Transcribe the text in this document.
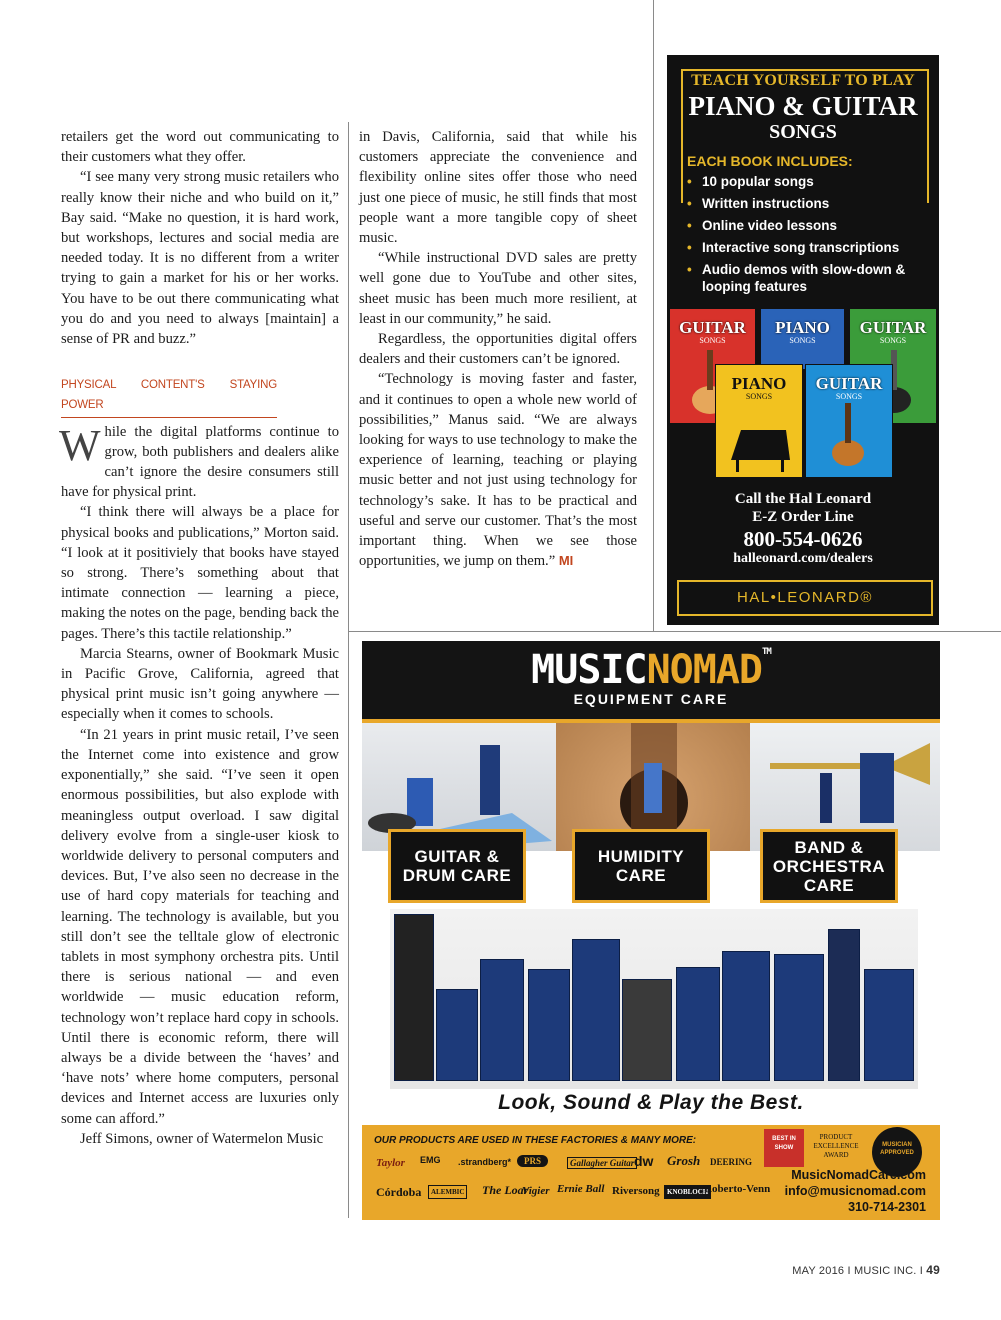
retailers get the word out communicating to their customers what they offer.

“I see many very strong music retailers who really know their niche and who build on it,” Bay said. “Make no question, it is hard work, but workshops, lectures and social media are needed today. It is no different from a writer trying to gain a market for his or her works. You have to be out there communicating what you do and you need to always [maintain] a sense of PR and buzz.”

PHYSICAL CONTENT'S STAYING POWER

While the digital platforms continue to grow, both publishers and dealers alike can’t ignore the desire consumers still have for physical print.

“I think there will always be a place for physical books and publications,” Morton said. “I look at it positiviely that books have stayed so strong. There’s something about that intimate connection — learning a piece, making the notes on the page, bending back the pages. There’s this tactile relationship.”

Marcia Stearns, owner of Bookmark Music in Pacific Grove, California, agreed that physical print music isn’t going anywhere — especially when it comes to schools.

“In 21 years in print music retail, I’ve seen the Internet come into existence and grow exponentially,” she said. “I’ve seen it open enormous possibilities, but also explode with meaningless output overload. I saw digital delivery evolve from a single-user kiosk to worldwide delivery to personal computers and devices. But, I’ve also seen no decrease in the use of hard copy materials for teaching and learning. The technology is available, but you still don’t see the telltale glow of electronic tablets in most symphony orchestra pits. Until there is serious national — and even worldwide — music education reform, technology won’t replace hard copy in schools. Until there is economic reform, there will always be a divide between the ‘haves’ and ‘have nots’ where home computers, personal devices and Internet access are luxuries only some can afford.”

Jeff Simons, owner of Watermelon Music

in Davis, California, said that while his customers appreciate the convenience and flexibility online sites offer those who need just one piece of music, he still finds that most people want a more tangible copy of sheet music.

“While instructional DVD sales are pretty well gone due to YouTube and other sites, sheet music has been much more resilient, at least in our community,” he said.

Regardless, the opportunities digital offers dealers and their customers can’t be ignored.

“Technology is moving faster and faster, and it continues to open a whole new world of possibilities,” Manus said. “We are always looking for ways to use technology to make the experience of learning, teaching or playing music better and not just using technology for technology’s sake. It has to be practical and useful and serve our customer. That’s the most important thing. When we see those opportunities, we jump on them.” MI

TEACH YOURSELF TO PLAY
PIANO & GUITAR
SONGS
EACH BOOK INCLUDES:
• 10 popular songs
• Written instructions
• Online video lessons
• Interactive song transcriptions
• Audio demos with slow-down & looping features
GUITAR
SONGS
PIANO
SONGS
GUITAR
SONGS
PIANO
SONGS
GUITAR
SONGS
Call the Hal Leonard
E-Z Order Line
800-554-0626
halleonard.com/dealers
HAL•LEONARD®
MUSICNOMAD™
EQUIPMENT CARE
GUITAR & DRUM CARE
HUMIDITY CARE
BAND & ORCHESTRA CARE
Look, Sound & Play the Best.
OUR PRODUCTS ARE USED IN THESE FACTORIES & MANY MORE:
Taylor EMG .strandberg*	PRS	Gallagher Guitar dw Grosh DEERING
Córdoba	ALEMBIC The Loar
Vigier Ernie Ball Riversong	KNOBLOCH
Roberto-Venn
BEST IN SHOW
PRODUCT EXCELLENCE AWARD
MUSICIAN APPROVED
MusicNomadCare.com
info@musicnomad.com
310-714-2301
MAY 2016 I MUSIC INC. I 49
